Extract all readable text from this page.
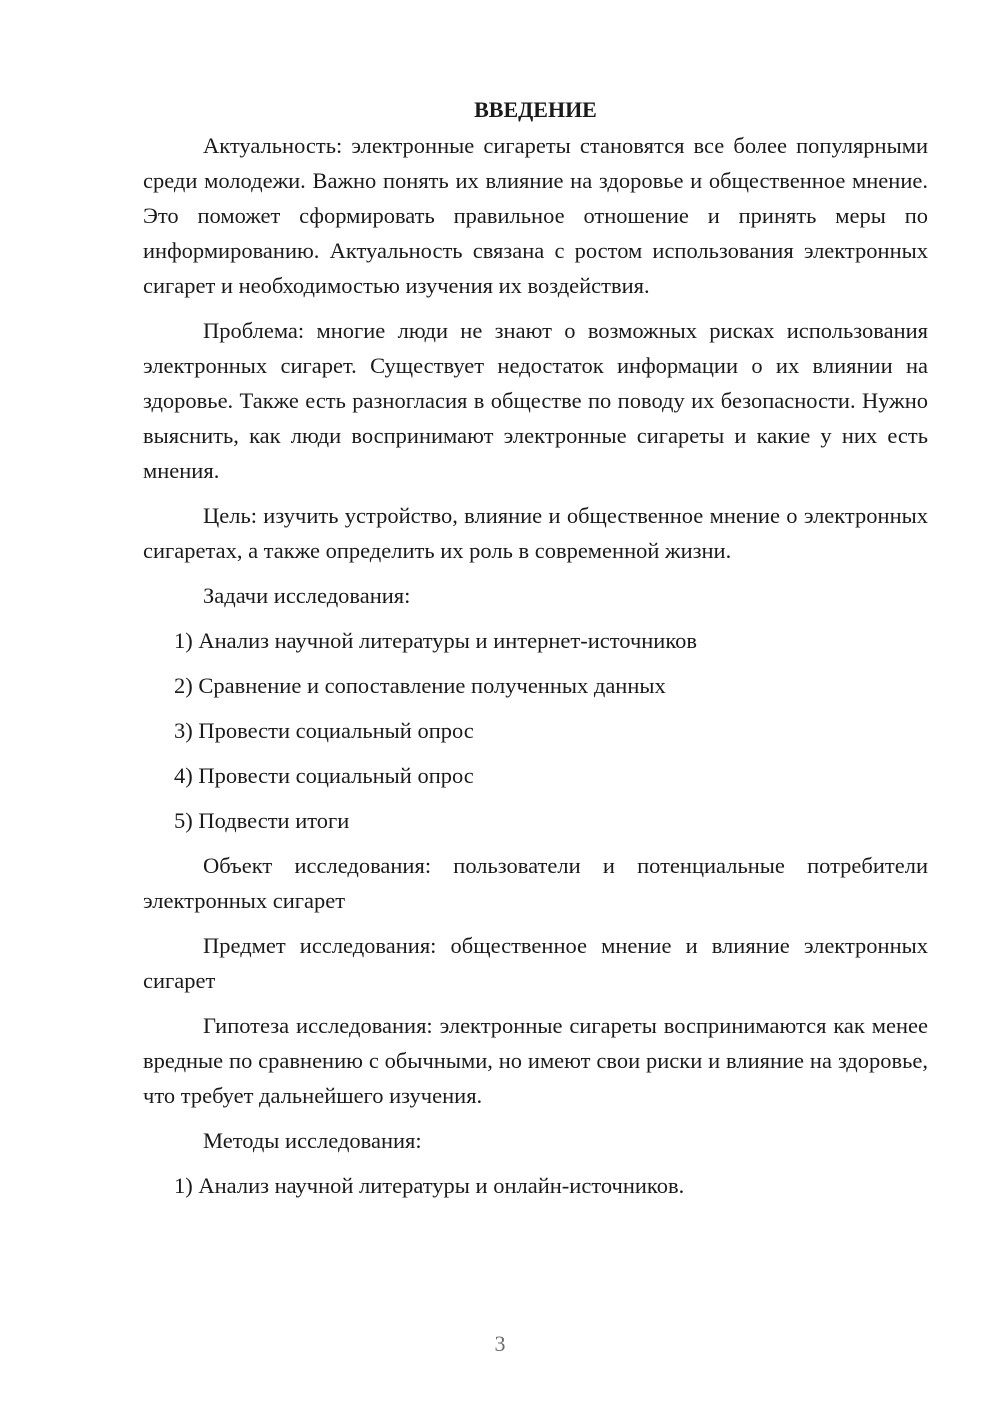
ВВЕДЕНИЕ

Актуальность: электронные сигареты становятся все более популярными среди молодежи. Важно понять их влияние на здоровье и общественное мнение. Это поможет сформировать правильное отношение и принять меры по информированию. Актуальность связана с ростом использования электронных сигарет и необходимостью изучения их воздействия.

Проблема: многие люди не знают о возможных рисках использования электронных сигарет. Существует недостаток информации о их влиянии на здоровье. Также есть разногласия в обществе по поводу их безопасности. Нужно выяснить, как люди воспринимают электронные сигареты и какие у них есть мнения.

Цель: изучить устройство, влияние и общественное мнение о электронных сигаретах, а также определить их роль в современной жизни.

Задачи исследования:

1) Анализ научной литературы и интернет-источников

2) Сравнение и сопоставление полученных данных

3) Провести социальный опрос

4) Провести социальный опрос

5) Подвести итоги

Объект исследования: пользователи и потенциальные потребители электронных сигарет

Предмет исследования: общественное мнение и влияние электронных сигарет

Гипотеза исследования: электронные сигареты воспринимаются как менее вредные по сравнению с обычными, но имеют свои риски и влияние на здоровье, что требует дальнейшего изучения.

Методы исследования:

1) Анализ научной литературы и онлайн-источников.

3
